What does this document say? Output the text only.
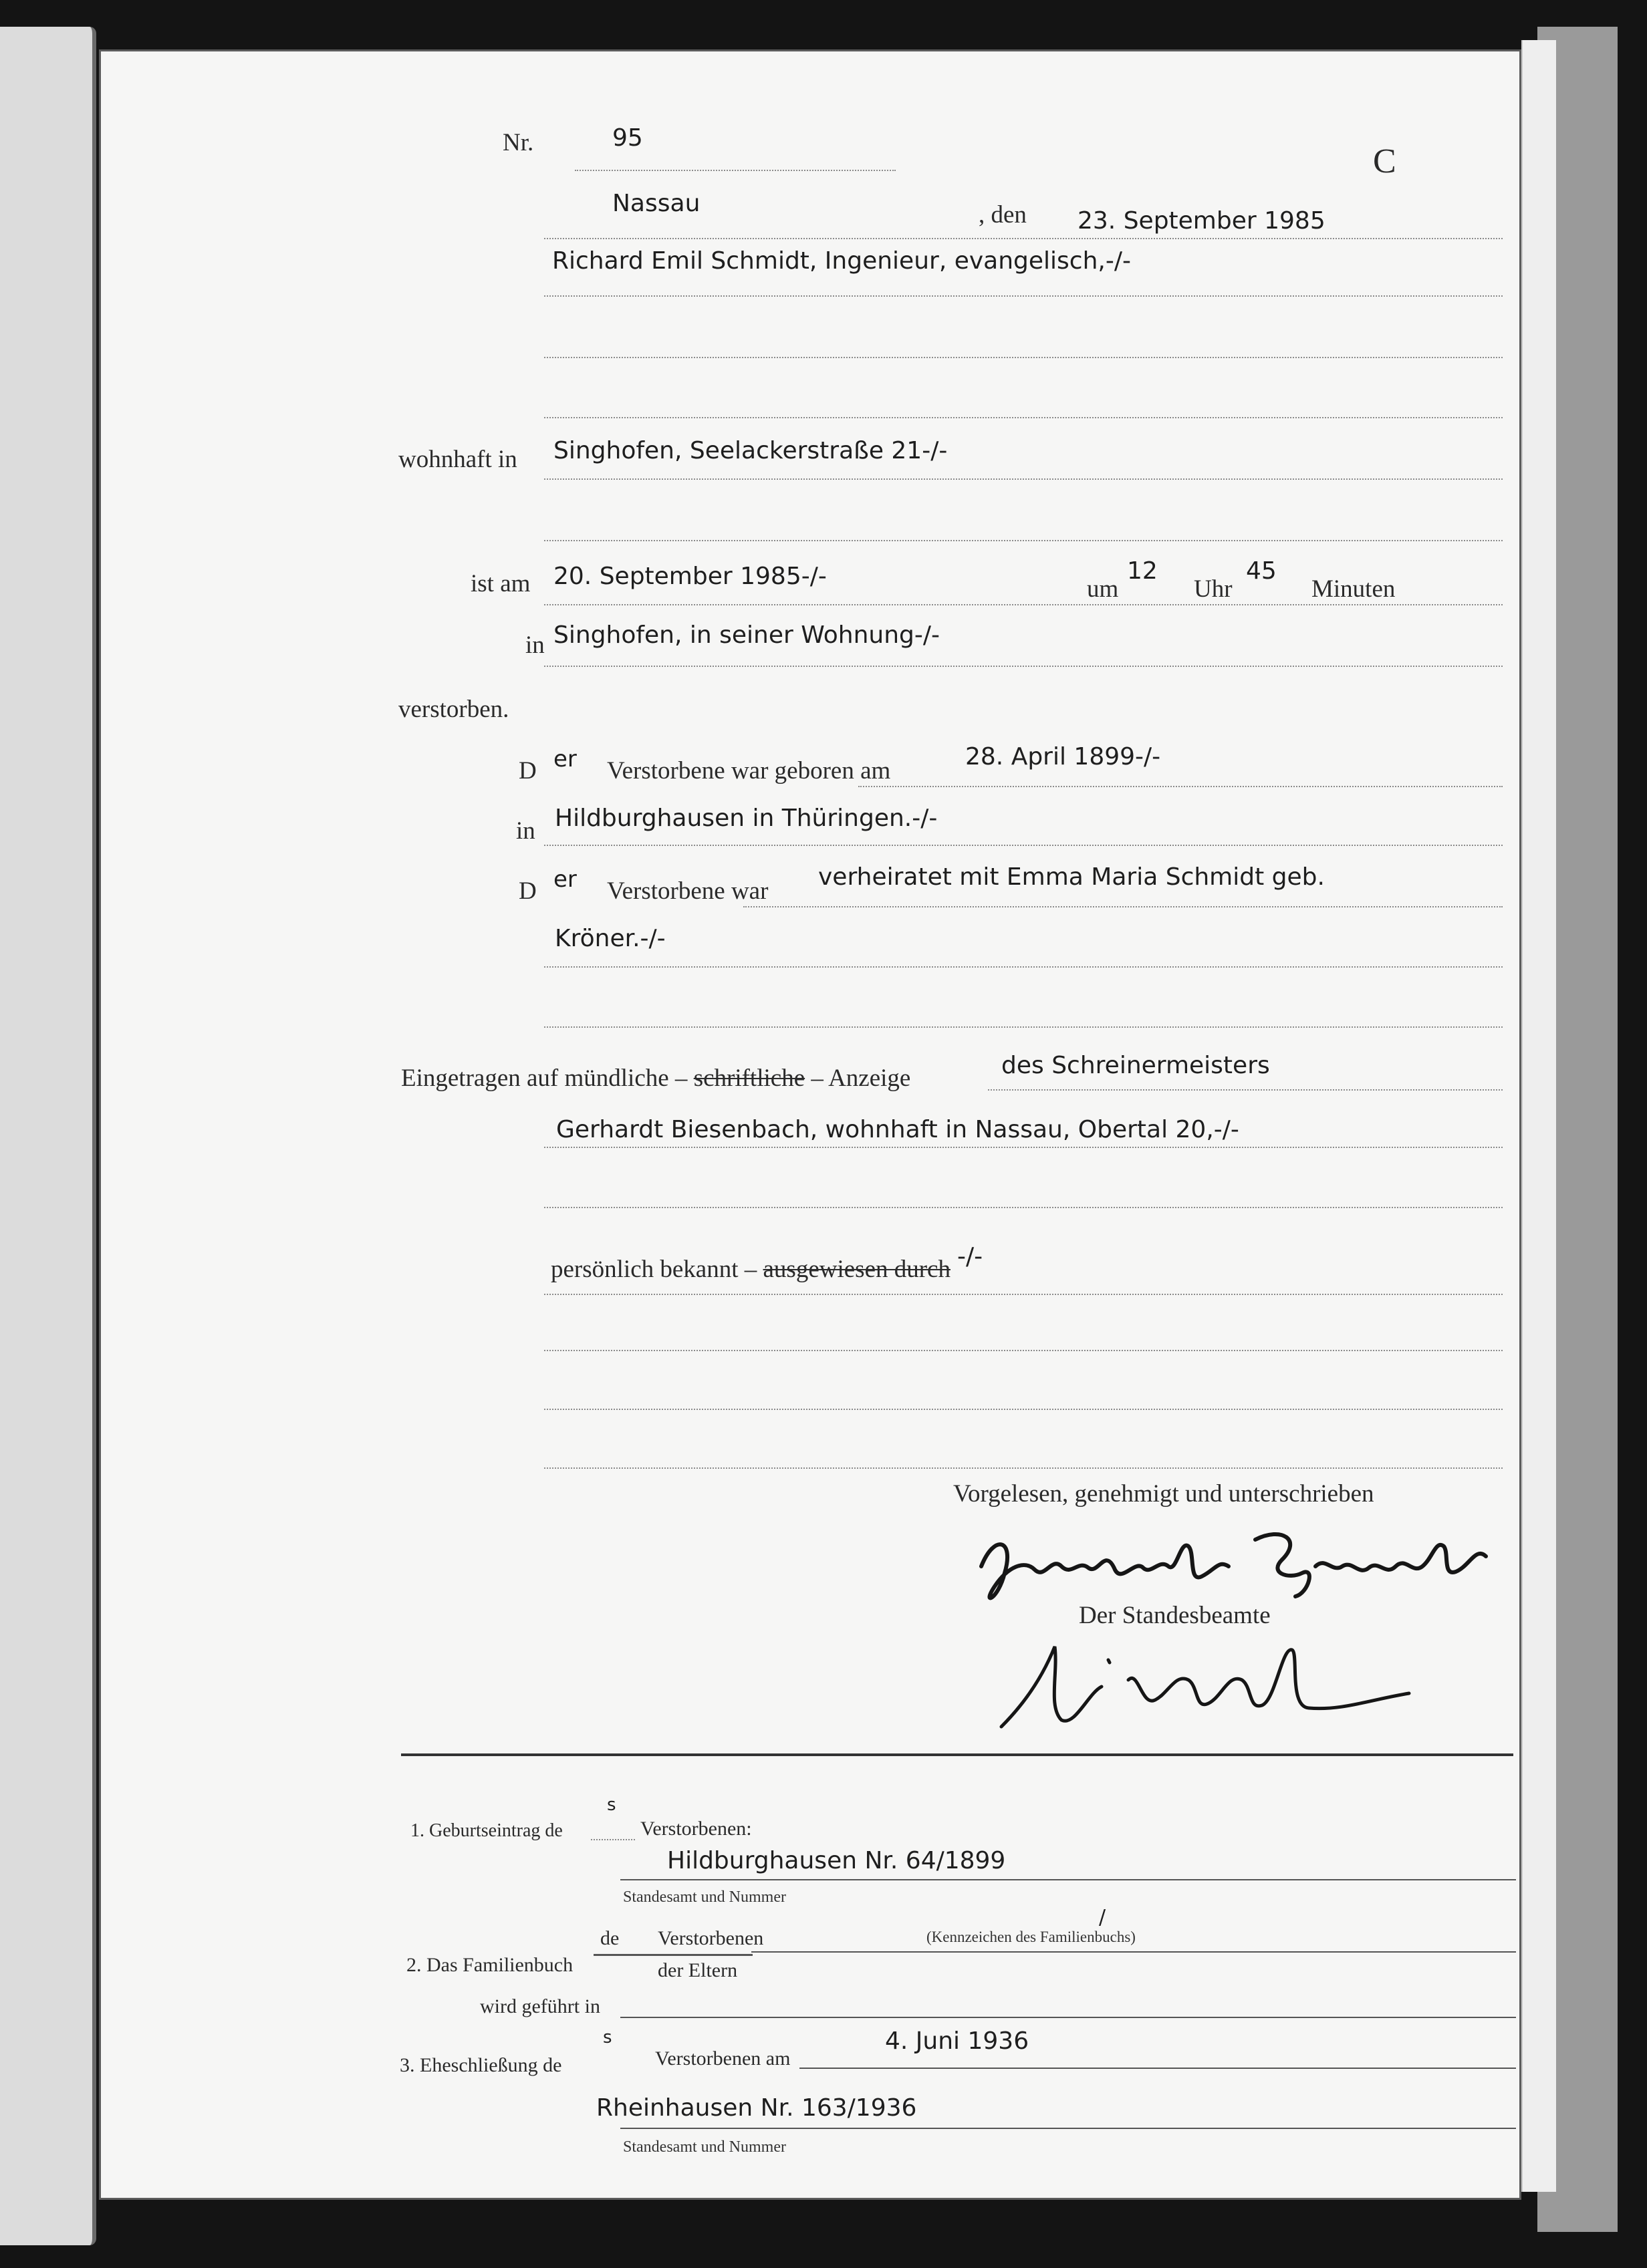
Nr.	95
C
Nassau	, den 23. September 1985
Richard Emil Schmidt, Ingenieur, evangelisch,-/-
wohnhaft in Singhofen, Seelackerstraße 21-/-
ist am 20. September 1985-/-	um
12
Uhr
45
Minuten
in Singhofen, in seiner Wohnung-/-
verstorben.
D er Verstorbene war geboren am
28. April 1899-/-
in Hildburghausen in Thüringen.-/-
D er Verstorbene war
verheiratet mit Emma Maria Schmidt geb.
Kröner.-/-
Eingetragen auf mündliche – schriftliche – Anzeige	des Schreinermeisters
Gerhardt Biesenbach, wohnhaft in Nassau, Obertal 20,-/-
persönlich bekannt – ausgewiesen durch -/-
Vorgelesen, genehmigt und unterschrieben
Der Standesbeamte
1. Geburtseintrag de
s
Verstorbenen:
Hildburghausen Nr. 64/1899
Standesamt und Nummer
2. Das Familienbuch
de Verstorbenen
der Eltern
/
(Kennzeichen des Familienbuchs)
wird geführt in
3. Eheschließung de
s
Verstorbenen am
4. Juni 1936
Rheinhausen Nr. 163/1936
Standesamt und Nummer
